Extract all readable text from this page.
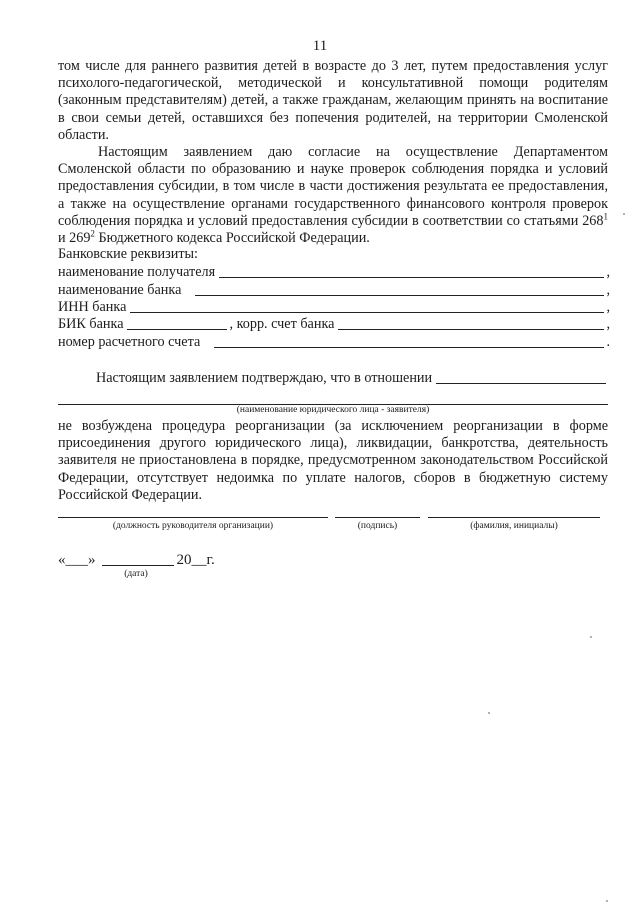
11

том числе для раннего развития детей в возрасте до 3 лет, путем предоставления услуг психолого-педагогической, методической и консультативной помощи родителям (законным представителям) детей, а также гражданам, желающим принять на воспитание в свои семьи детей, оставшихся без попечения родителей, на территории Смоленской области.

Настоящим заявлением даю согласие на осуществление Департаментом Смоленской области по образованию и науке проверок соблюдения порядка и условий предоставления субсидии, в том числе в части достижения результата ее предоставления, а также на осуществление органами государственного финансового контроля проверок соблюдения порядка и условий предоставления субсидии в соответствии со статьями $268^1$ и $269^2$ Бюджетного кодекса Российской Федерации.

Банковские реквизиты:
наименование получателя	,
наименование банка	,
ИНН банка	,
БИК банка	, корр. счет банка	,
номер расчетного счета	.
Настоящим заявлением подтверждаю, что в отношении
(наименование юридического лица - заявителя)

не возбуждена процедура реорганизации (за исключением реорганизации в форме присоединения другого юридического лица), ликвидации, банкротства, деятельность заявителя не приостановлена в порядке, предусмотренном законодательством Российской Федерации, отсутствует недоимка по уплате налогов, сборов в бюджетную систему Российской Федерации.

(должность руководителя организации)	(подпись)	(фамилия, инициалы)
« ___ »	20 __ г.
(дата)
